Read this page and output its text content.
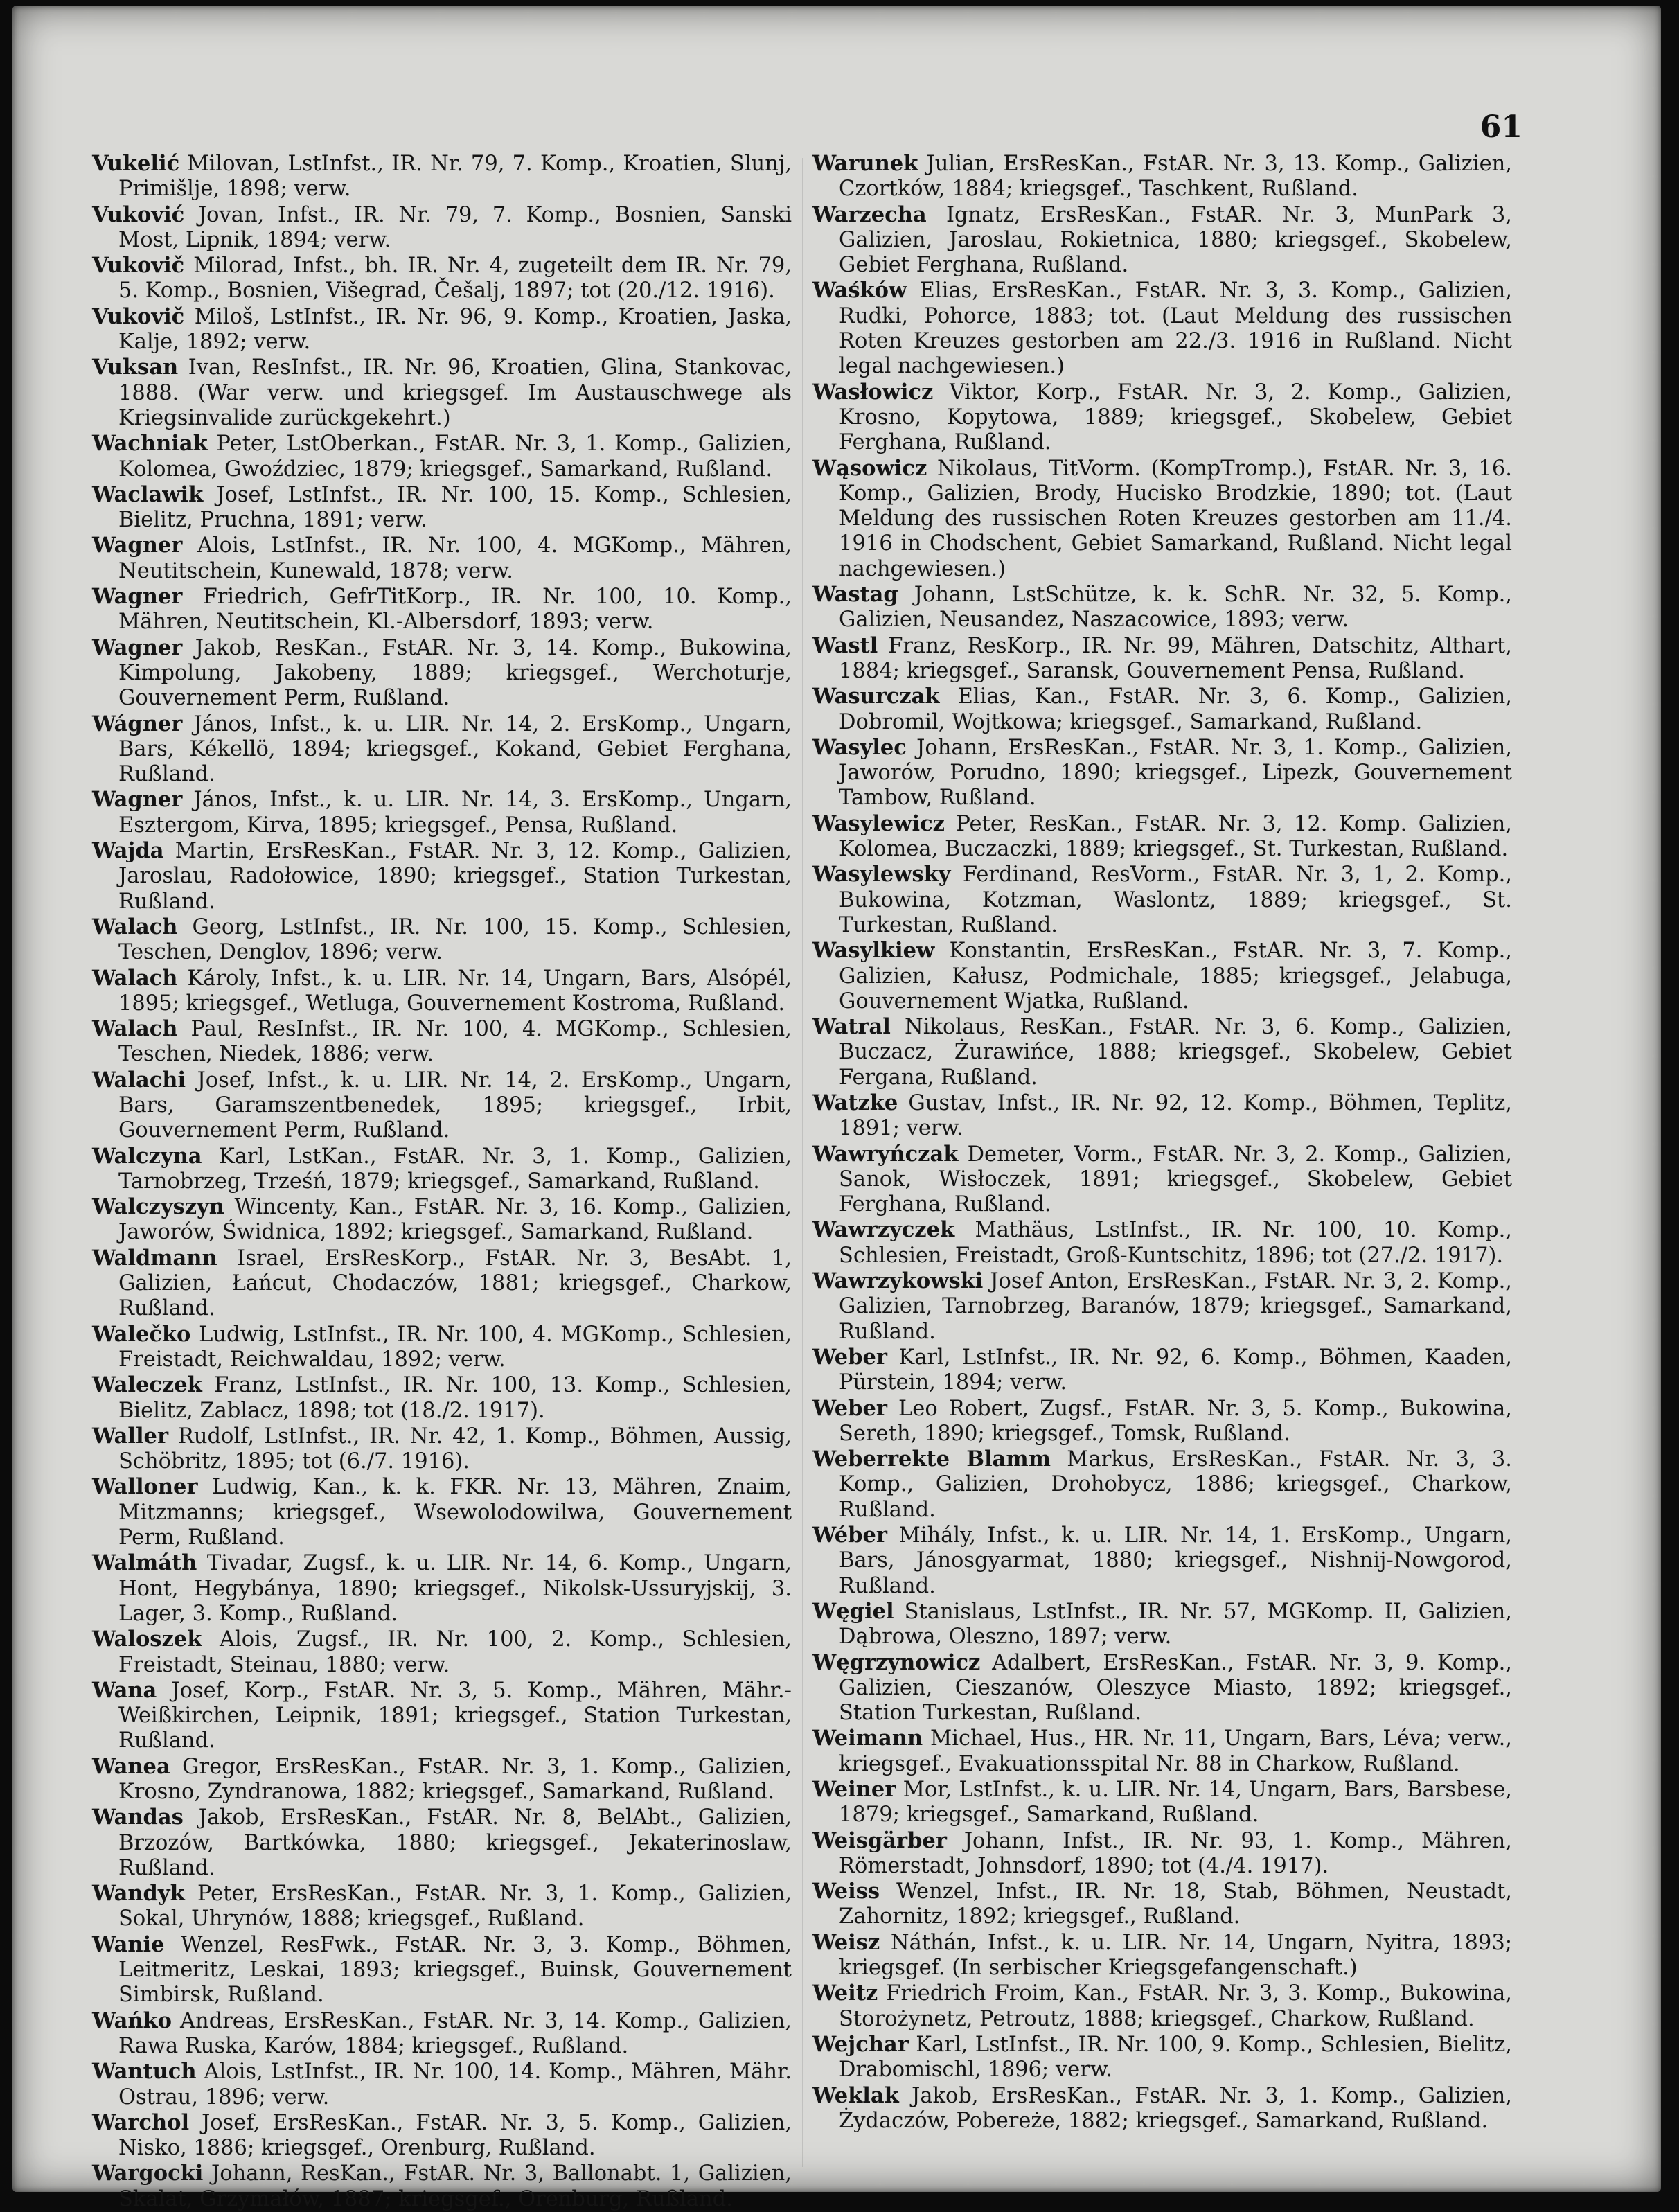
61

Vukelić Milovan, LstInfst., IR. Nr. 79, 7. Komp., Kroatien, Slunj, Primišlje, 1898; verw.

Vuković Jovan, Infst., IR. Nr. 79, 7. Komp., Bosnien, Sanski Most, Lipnik, 1894; verw.

Vukovič Milorad, Infst., bh. IR. Nr. 4, zugeteilt dem IR. Nr. 79, 5. Komp., Bosnien, Višegrad, Češalj, 1897; tot (20./12. 1916).

Vukovič Miloš, LstInfst., IR. Nr. 96, 9. Komp., Kroatien, Jaska, Kalje, 1892; verw.

Vuksan Ivan, ResInfst., IR. Nr. 96, Kroatien, Glina, Stankovac, 1888. (War verw. und kriegsgef. Im Austauschwege als Kriegsinvalide zurückgekehrt.)

Wachniak Peter, LstOberkan., FstAR. Nr. 3, 1. Komp., Galizien, Kolomea, Gwoździec, 1879; kriegsgef., Samarkand, Rußland.

Waclawik Josef, LstInfst., IR. Nr. 100, 15. Komp., Schlesien, Bielitz, Pruchna, 1891; verw.

Wagner Alois, LstInfst., IR. Nr. 100, 4. MGKomp., Mähren, Neutitschein, Kunewald, 1878; verw.

Wagner Friedrich, GefrTitKorp., IR. Nr. 100, 10. Komp., Mähren, Neutitschein, Kl.-Albersdorf, 1893; verw.

Wagner Jakob, ResKan., FstAR. Nr. 3, 14. Komp., Bukowina, Kimpolung, Jakobeny, 1889; kriegsgef., Werchoturje, Gouvernement Perm, Rußland.

Wágner János, Infst., k. u. LIR. Nr. 14, 2. ErsKomp., Ungarn, Bars, Kékellö, 1894; kriegsgef., Kokand, Gebiet Ferghana, Rußland.

Wagner János, Infst., k. u. LIR. Nr. 14, 3. ErsKomp., Ungarn, Esztergom, Kirva, 1895; kriegsgef., Pensa, Rußland.

Wajda Martin, ErsResKan., FstAR. Nr. 3, 12. Komp., Galizien, Jaroslau, Radołowice, 1890; kriegsgef., Station Turkestan, Rußland.

Walach Georg, LstInfst., IR. Nr. 100, 15. Komp., Schlesien, Teschen, Denglov, 1896; verw.

Walach Károly, Infst., k. u. LIR. Nr. 14, Ungarn, Bars, Alsópél, 1895; kriegsgef., Wetluga, Gouvernement Kostroma, Rußland.

Walach Paul, ResInfst., IR. Nr. 100, 4. MGKomp., Schlesien, Teschen, Niedek, 1886; verw.

Walachi Josef, Infst., k. u. LIR. Nr. 14, 2. ErsKomp., Ungarn, Bars, Garamszentbenedek, 1895; kriegsgef., Irbit, Gouvernement Perm, Rußland.

Walczyna Karl, LstKan., FstAR. Nr. 3, 1. Komp., Galizien, Tarnobrzeg, Trześń, 1879; kriegsgef., Samarkand, Rußland.

Walczyszyn Wincenty, Kan., FstAR. Nr. 3, 16. Komp., Galizien, Jaworów, Świdnica, 1892; kriegsgef., Samarkand, Rußland.

Waldmann Israel, ErsResKorp., FstAR. Nr. 3, BesAbt. 1, Galizien, Łańcut, Chodaczów, 1881; kriegsgef., Charkow, Rußland.

Walečko Ludwig, LstInfst., IR. Nr. 100, 4. MGKomp., Schlesien, Freistadt, Reichwaldau, 1892; verw.

Waleczek Franz, LstInfst., IR. Nr. 100, 13. Komp., Schlesien, Bielitz, Zablacz, 1898; tot (18./2. 1917).

Waller Rudolf, LstInfst., IR. Nr. 42, 1. Komp., Böhmen, Aussig, Schöbritz, 1895; tot (6./7. 1916).

Walloner Ludwig, Kan., k. k. FKR. Nr. 13, Mähren, Znaim, Mitzmanns; kriegsgef., Wsewolodowilwa, Gouvernement Perm, Rußland.

Walmáth Tivadar, Zugsf., k. u. LIR. Nr. 14, 6. Komp., Ungarn, Hont, Hegybánya, 1890; kriegsgef., Nikolsk-Ussuryjskij, 3. Lager, 3. Komp., Rußland.

Waloszek Alois, Zugsf., IR. Nr. 100, 2. Komp., Schlesien, Freistadt, Steinau, 1880; verw.

Wana Josef, Korp., FstAR. Nr. 3, 5. Komp., Mähren, Mähr.-Weißkirchen, Leipnik, 1891; kriegsgef., Station Turkestan, Rußland.

Wanea Gregor, ErsResKan., FstAR. Nr. 3, 1. Komp., Galizien, Krosno, Zyndranowa, 1882; kriegsgef., Samarkand, Rußland.

Wandas Jakob, ErsResKan., FstAR. Nr. 8, BelAbt., Galizien, Brzozów, Bartkówka, 1880; kriegsgef., Jekaterinoslaw, Rußland.

Wandyk Peter, ErsResKan., FstAR. Nr. 3, 1. Komp., Galizien, Sokal, Uhrynów, 1888; kriegsgef., Rußland.

Wanie Wenzel, ResFwk., FstAR. Nr. 3, 3. Komp., Böhmen, Leitmeritz, Leskai, 1893; kriegsgef., Buinsk, Gouvernement Simbirsk, Rußland.

Wańko Andreas, ErsResKan., FstAR. Nr. 3, 14. Komp., Galizien, Rawa Ruska, Karów, 1884; kriegsgef., Rußland.

Wantuch Alois, LstInfst., IR. Nr. 100, 14. Komp., Mähren, Mähr. Ostrau, 1896; verw.

Warchol Josef, ErsResKan., FstAR. Nr. 3, 5. Komp., Galizien, Nisko, 1886; kriegsgef., Orenburg, Rußland.

Wargocki Johann, ResKan., FstAR. Nr. 3, Ballonabt. 1, Galizien, Skalat, Grzymałów, 1887; kriegsgef., Orenburg, Rußland.

Warunek Julian, ErsResKan., FstAR. Nr. 3, 13. Komp., Galizien, Czortków, 1884; kriegsgef., Taschkent, Rußland.

Warzecha Ignatz, ErsResKan., FstAR. Nr. 3, MunPark 3, Galizien, Jaroslau, Rokietnica, 1880; kriegsgef., Skobelew, Gebiet Ferghana, Rußland.

Waśków Elias, ErsResKan., FstAR. Nr. 3, 3. Komp., Galizien, Rudki, Pohorce, 1883; tot. (Laut Meldung des russischen Roten Kreuzes gestorben am 22./3. 1916 in Rußland. Nicht legal nachgewiesen.)

Wasłowicz Viktor, Korp., FstAR. Nr. 3, 2. Komp., Galizien, Krosno, Kopytowa, 1889; kriegsgef., Skobelew, Gebiet Ferghana, Rußland.

Wąsowicz Nikolaus, TitVorm. (KompTromp.), FstAR. Nr. 3, 16. Komp., Galizien, Brody, Hucisko Brodzkie, 1890; tot. (Laut Meldung des russischen Roten Kreuzes gestorben am 11./4. 1916 in Chodschent, Gebiet Samarkand, Rußland. Nicht legal nachgewiesen.)

Wastag Johann, LstSchütze, k. k. SchR. Nr. 32, 5. Komp., Galizien, Neusandez, Naszacowice, 1893; verw.

Wastl Franz, ResKorp., IR. Nr. 99, Mähren, Datschitz, Althart, 1884; kriegsgef., Saransk, Gouvernement Pensa, Rußland.

Wasurczak Elias, Kan., FstAR. Nr. 3, 6. Komp., Galizien, Dobromil, Wojtkowa; kriegsgef., Samarkand, Rußland.

Wasylec Johann, ErsResKan., FstAR. Nr. 3, 1. Komp., Galizien, Jaworów, Porudno, 1890; kriegsgef., Lipezk, Gouvernement Tambow, Rußland.

Wasylewicz Peter, ResKan., FstAR. Nr. 3, 12. Komp. Galizien, Kolomea, Buczaczki, 1889; kriegsgef., St. Turkestan, Rußland.

Wasylewsky Ferdinand, ResVorm., FstAR. Nr. 3, 1, 2. Komp., Bukowina, Kotzman, Waslontz, 1889; kriegsgef., St. Turkestan, Rußland.

Wasylkiew Konstantin, ErsResKan., FstAR. Nr. 3, 7. Komp., Galizien, Kałusz, Podmichale, 1885; kriegsgef., Jelabuga, Gouvernement Wjatka, Rußland.

Watral Nikolaus, ResKan., FstAR. Nr. 3, 6. Komp., Galizien, Buczacz, Żurawińce, 1888; kriegsgef., Skobelew, Gebiet Fergana, Rußland.

Watzke Gustav, Infst., IR. Nr. 92, 12. Komp., Böhmen, Teplitz, 1891; verw.

Wawryńczak Demeter, Vorm., FstAR. Nr. 3, 2. Komp., Galizien, Sanok, Wisłoczek, 1891; kriegsgef., Skobelew, Gebiet Ferghana, Rußland.

Wawrzyczek Mathäus, LstInfst., IR. Nr. 100, 10. Komp., Schlesien, Freistadt, Groß-Kuntschitz, 1896; tot (27./2. 1917).

Wawrzykowski Josef Anton, ErsResKan., FstAR. Nr. 3, 2. Komp., Galizien, Tarnobrzeg, Baranów, 1879; kriegsgef., Samarkand, Rußland.

Weber Karl, LstInfst., IR. Nr. 92, 6. Komp., Böhmen, Kaaden, Pürstein, 1894; verw.

Weber Leo Robert, Zugsf., FstAR. Nr. 3, 5. Komp., Bukowina, Sereth, 1890; kriegsgef., Tomsk, Rußland.

Weberrekte Blamm Markus, ErsResKan., FstAR. Nr. 3, 3. Komp., Galizien, Drohobycz, 1886; kriegsgef., Charkow, Rußland.

Wéber Mihály, Infst., k. u. LIR. Nr. 14, 1. ErsKomp., Ungarn, Bars, Jánosgyarmat, 1880; kriegsgef., Nishnij-Nowgorod, Rußland.

Węgiel Stanislaus, LstInfst., IR. Nr. 57, MGKomp. II, Galizien, Dąbrowa, Oleszno, 1897; verw.

Węgrzynowicz Adalbert, ErsResKan., FstAR. Nr. 3, 9. Komp., Galizien, Cieszanów, Oleszyce Miasto, 1892; kriegsgef., Station Turkestan, Rußland.

Weimann Michael, Hus., HR. Nr. 11, Ungarn, Bars, Léva; verw., kriegsgef., Evakuationsspital Nr. 88 in Charkow, Rußland.

Weiner Mor, LstInfst., k. u. LIR. Nr. 14, Ungarn, Bars, Barsbese, 1879; kriegsgef., Samarkand, Rußland.

Weisgärber Johann, Infst., IR. Nr. 93, 1. Komp., Mähren, Römerstadt, Johnsdorf, 1890; tot (4./4. 1917).

Weiss Wenzel, Infst., IR. Nr. 18, Stab, Böhmen, Neustadt, Zahornitz, 1892; kriegsgef., Rußland.

Weisz Náthán, Infst., k. u. LIR. Nr. 14, Ungarn, Nyitra, 1893; kriegsgef. (In serbischer Kriegsgefangenschaft.)

Weitz Friedrich Froim, Kan., FstAR. Nr. 3, 3. Komp., Bukowina, Storożynetz, Petroutz, 1888; kriegsgef., Charkow, Rußland.

Wejchar Karl, LstInfst., IR. Nr. 100, 9. Komp., Schlesien, Bielitz, Drabomischl, 1896; verw.

Weklak Jakob, ErsResKan., FstAR. Nr. 3, 1. Komp., Galizien, Żydaczów, Pobereże, 1882; kriegsgef., Samarkand, Rußland.
